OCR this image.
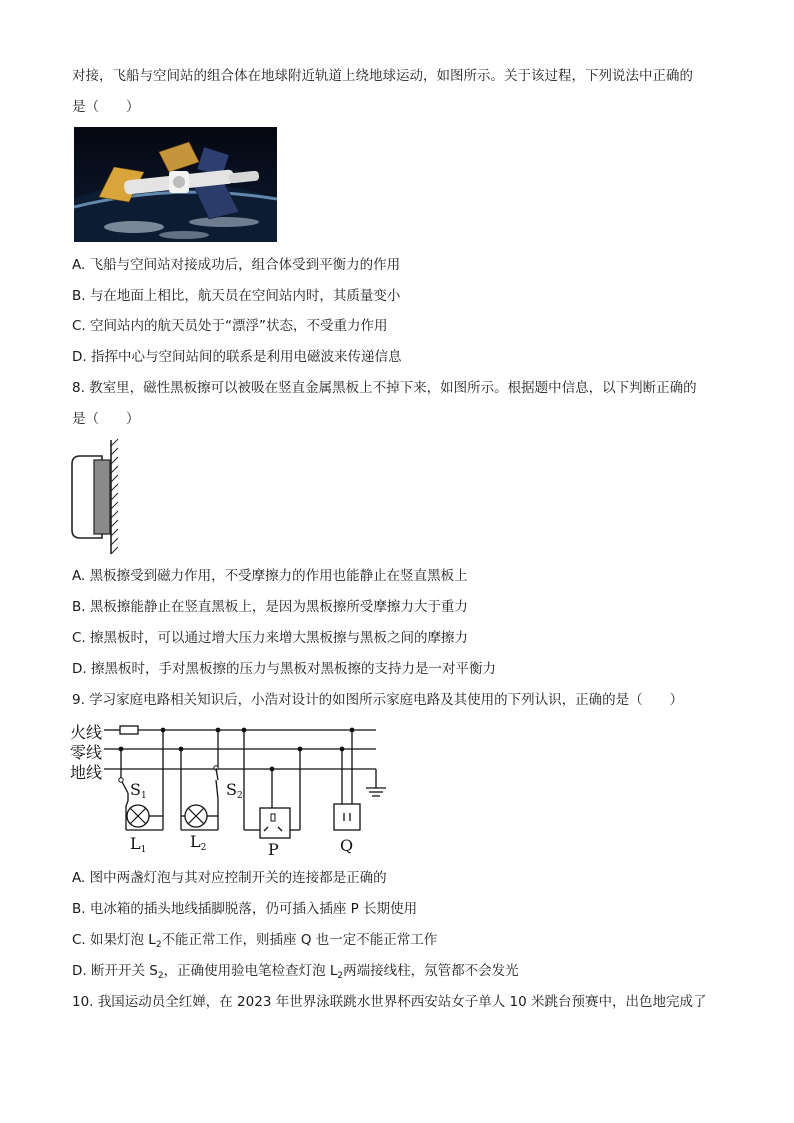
对接，飞船与空间站的组合体在地球附近轨道上绕地球运动，如图所示。关于该过程，下列说法中正确的
是（　　）
A. 飞船与空间站对接成功后，组合体受到平衡力的作用
B. 与在地面上相比，航天员在空间站内时，其质量变小
C. 空间站内的航天员处于“漂浮”状态，不受重力作用
D. 指挥中心与空间站间的联系是利用电磁波来传递信息
8. 教室里，磁性黑板擦可以被吸在竖直金属黑板上不掉下来，如图所示。根据题中信息，以下判断正确的
是（　　）
A. 黑板擦受到磁力作用，不受摩擦力的作用也能静止在竖直黑板上
B. 黑板擦能静止在竖直黑板上，是因为黑板擦所受摩擦力大于重力
C. 擦黑板时，可以通过增大压力来增大黑板擦与黑板之间的摩擦力
D. 擦黑板时，手对黑板擦的压力与黑板对黑板擦的支持力是一对平衡力
9. 学习家庭电路相关知识后，小浩对设计的如图所示家庭电路及其使用的下列认识，正确的是（　　）
火线
零线
地线
$S_1$	$S_2$
$L_1$	$L_2$	P	Q
A. 图中两盏灯泡与其对应控制开关的连接都是正确的
B. 电冰箱的插头地线插脚脱落，仍可插入插座 P 长期使用
C. 如果灯泡 $L_2$不能正常工作，则插座 Q 也一定不能正常工作
D. 断开开关 $S_2$，正确使用验电笔检查灯泡 $L_2$两端接线柱，氖管都不会发光
10. 我国运动员全红婵，在 2023 年世界泳联跳水世界杯西安站女子单人 10 米跳台预赛中，出色地完成了
